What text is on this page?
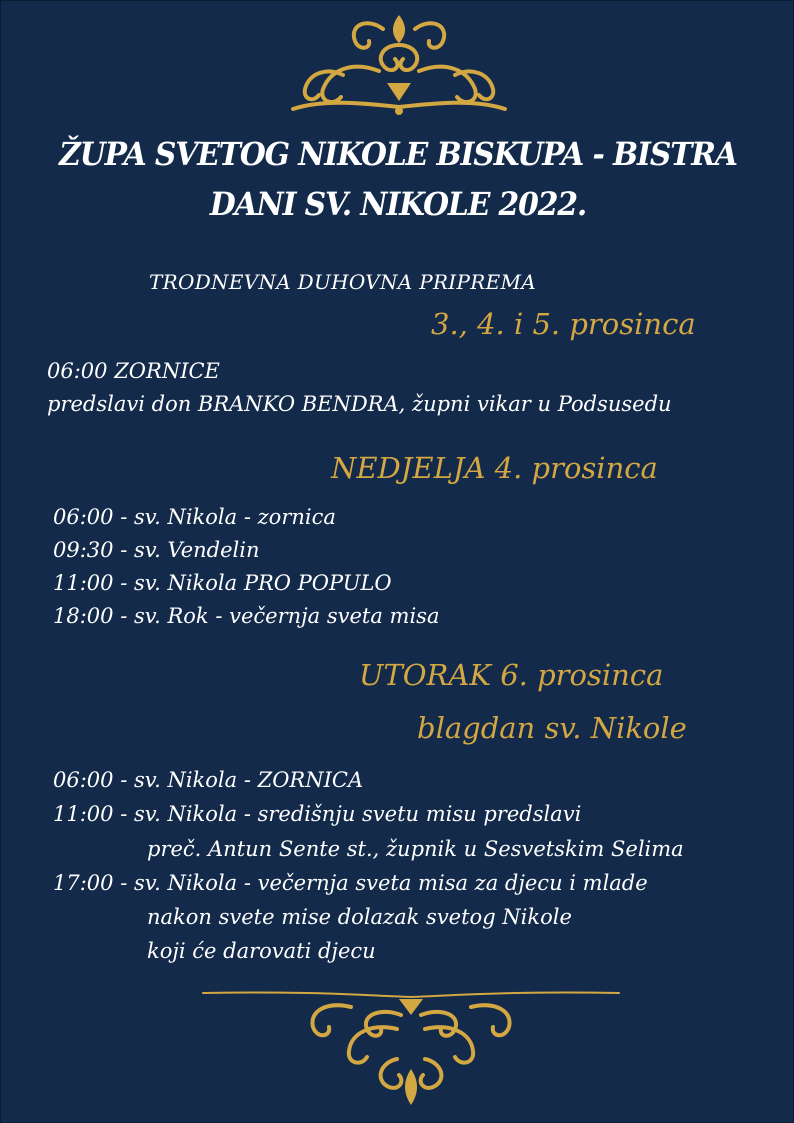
ŽUPA SVETOG NIKOLE BISKUPA - BISTRA
DANI SV. NIKOLE 2022.
TRODNEVNA DUHOVNA PRIPREMA
3., 4. i 5. prosinca
06:00 ZORNICE
predslavi don BRANKO BENDRA, župni vikar u Podsusedu
NEDJELJA 4. prosinca
06:00 - sv. Nikola - zornica
09:30 - sv. Vendelin
11:00 - sv. Nikola PRO POPULO
18:00 - sv. Rok - večernja sveta misa
UTORAK 6. prosinca
blagdan sv. Nikole
06:00 - sv. Nikola - ZORNICA
11:00 - sv. Nikola - središnju svetu misu predslavi
preč. Antun Sente st., župnik u Sesvetskim Selima
17:00 - sv. Nikola - večernja sveta misa za djecu i mlade
nakon svete mise dolazak svetog Nikole
koji će darovati djecu
